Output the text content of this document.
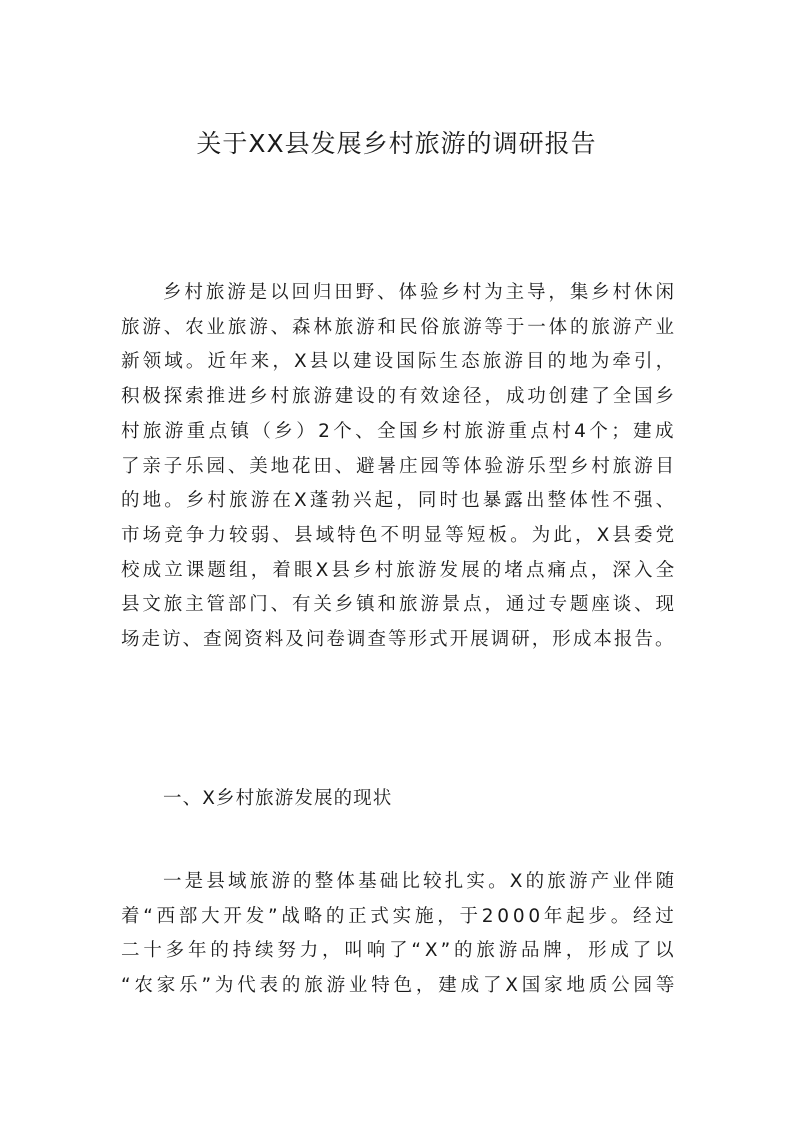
关于XX县发展乡村旅游的调研报告
乡村旅游是以回归田野、体验乡村为主导，集乡村休闲
旅游、农业旅游、森林旅游和民俗旅游等于一体的旅游产业
新领域。近年来，X县以建设国际生态旅游目的地为牵引，
积极探索推进乡村旅游建设的有效途径，成功创建了全国乡
村旅游重点镇（乡）2个、全国乡村旅游重点村4个；建成
了亲子乐园、美地花田、避暑庄园等体验游乐型乡村旅游目
的地。乡村旅游在X蓬勃兴起，同时也暴露出整体性不强、
市场竞争力较弱、县域特色不明显等短板。为此，X县委党
校成立课题组，着眼X县乡村旅游发展的堵点痛点，深入全
县文旅主管部门、有关乡镇和旅游景点，通过专题座谈、现
场走访、查阅资料及问卷调查等形式开展调研，形成本报告。
一、X乡村旅游发展的现状
一是县域旅游的整体基础比较扎实。X的旅游产业伴随
着“西部大开发”战略的正式实施，于2000年起步。经过
二十多年的持续努力，叫响了“X”的旅游品牌，形成了以
“农家乐”为代表的旅游业特色，建成了X国家地质公园等
